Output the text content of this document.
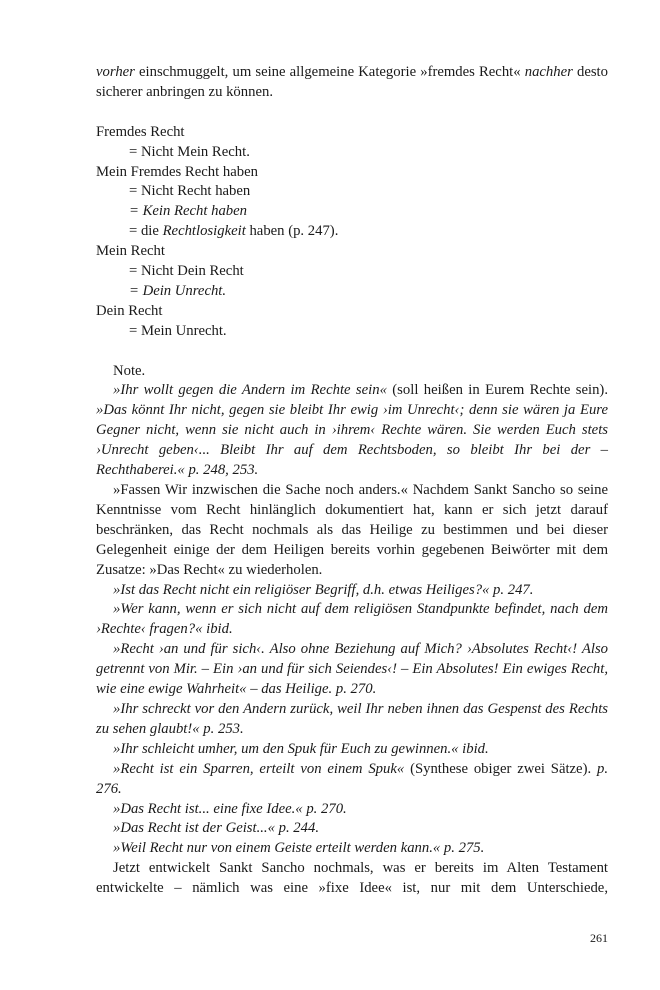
vorher einschmuggelt, um seine allgemeine Kategorie »fremdes Recht« nachher desto sicherer anbringen zu können.

Fremdes Recht

= Nicht Mein Recht.

Mein Fremdes Recht haben

= Nicht Recht haben

= Kein Recht haben

= die Rechtlosigkeit haben (p. 247).

Mein Recht

= Nicht Dein Recht

= Dein Unrecht.

Dein Recht

= Mein Unrecht.

Note.

»Ihr wollt gegen die Andern im Rechte sein« (soll heißen in Eurem Rechte sein). »Das könnt Ihr nicht, gegen sie bleibt Ihr ewig ›im Unrecht‹; denn sie wären ja Eure Gegner nicht, wenn sie nicht auch in ›ihrem‹ Rechte wären. Sie werden Euch stets ›Unrecht geben‹... Bleibt Ihr auf dem Rechtsboden, so bleibt Ihr bei der – Rechthaberei.« p. 248, 253.

»Fassen Wir inzwischen die Sache noch anders.« Nachdem Sankt Sancho so seine Kenntnisse vom Recht hinlänglich dokumentiert hat, kann er sich jetzt darauf beschränken, das Recht nochmals als das Heilige zu bestimmen und bei dieser Gelegenheit einige der dem Heiligen bereits vorhin gegebenen Beiwörter mit dem Zusatze: »Das Recht« zu wiederholen.

»Ist das Recht nicht ein religiöser Begriff, d.h. etwas Heiliges?« p. 247.

»Wer kann, wenn er sich nicht auf dem religiösen Standpunkte befindet, nach dem ›Rechte‹ fragen?« ibid.

»Recht ›an und für sich‹. Also ohne Beziehung auf Mich? ›Absolutes Recht‹! Also getrennt von Mir. – Ein ›an und für sich Seiendes‹! – Ein Absolutes! Ein ewiges Recht, wie eine ewige Wahrheit« – das Heilige. p. 270.

»Ihr schreckt vor den Andern zurück, weil Ihr neben ihnen das Gespenst des Rechts zu sehen glaubt!« p. 253.

»Ihr schleicht umher, um den Spuk für Euch zu gewinnen.« ibid.

»Recht ist ein Sparren, erteilt von einem Spuk« (Synthese obiger zwei Sätze). p. 276.

»Das Recht ist... eine fixe Idee.« p. 270.

»Das Recht ist der Geist...« p. 244.

»Weil Recht nur von einem Geiste erteilt werden kann.« p. 275.

Jetzt entwickelt Sankt Sancho nochmals, was er bereits im Alten Testament entwickelte – nämlich was eine »fixe Idee« ist, nur mit dem Unterschiede,

261
